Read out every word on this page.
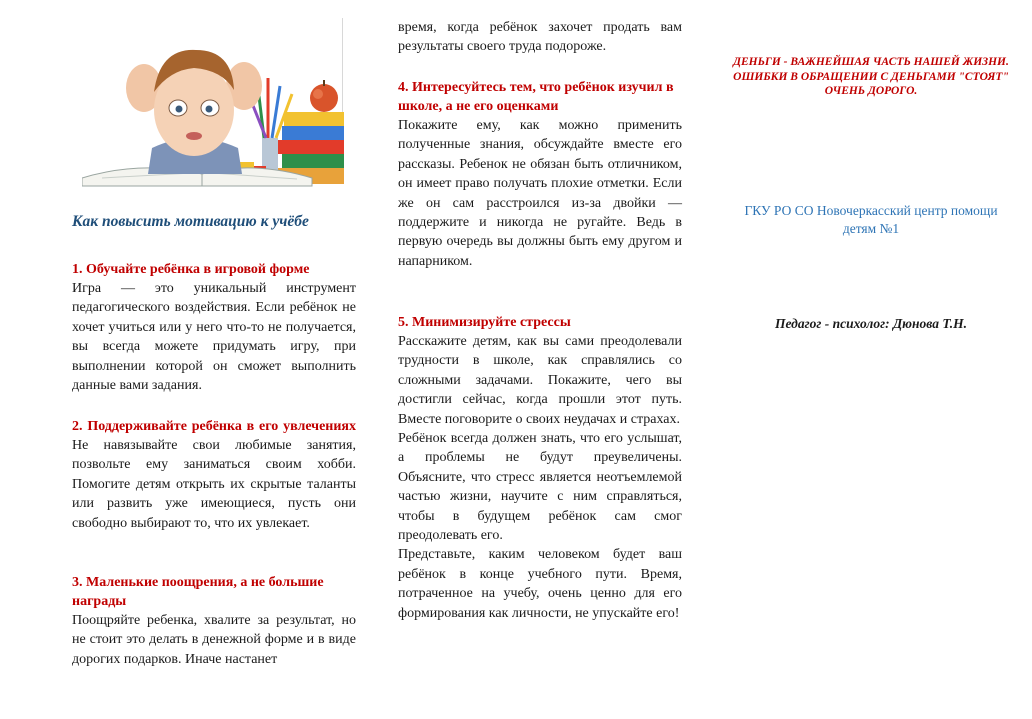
Как повысить мотивацию к учёбе
1. Обучайте ребёнка в игровой форме

Игра — это уникальный инструмент педагогического воздействия. Если ребёнок не хочет учиться или у него что-то не получается, вы всегда можете придумать игру, при выполнении которой он сможет выполнить данные вами задания.

2. Поддерживайте ребёнка в его увлечениях

Не навязывайте свои любимые занятия, позвольте ему заниматься своим хобби. Помогите детям открыть их скрытые таланты или развить уже имеющиеся, пусть они свободно выбирают то, что их увлекает.

3. Маленькие поощрения, а не большие награды

Поощряйте ребенка, хвалите за результат, но не стоит это делать в денежной форме и в виде дорогих подарков. Иначе настанет

время, когда ребёнок захочет продать вам результаты своего труда подороже.

4. Интересуйтесь тем, что ребёнок изучил в школе, а не его оценками

Покажите ему, как можно применить полученные знания, обсуждайте вместе его рассказы. Ребенок не обязан быть отличником, он имеет право получать плохие отметки. Если же он сам расстроился из-за двойки — поддержите и никогда не ругайте. Ведь в первую очередь вы должны быть ему другом и напарником.

5. Минимизируйте стрессы

Расскажите детям, как вы сами преодолевали трудности в школе, как справлялись со сложными задачами. Покажите, чего вы достигли сейчас, когда прошли этот путь. Вместе поговорите о своих неудачах и страхах.

Ребёнок всегда должен знать, что его услышат, а проблемы не будут преувеличены. Объясните, что стресс является неотъемлемой частью жизни, научите с ним справляться, чтобы в будущем ребёнок сам смог преодолевать его.

Представьте, каким человеком будет ваш ребёнок в конце учебного пути. Время, потраченное на учебу, очень ценно для его формирования как личности, не упускайте его!

ДЕНЬГИ - ВАЖНЕЙШАЯ ЧАСТЬ НАШЕЙ ЖИЗНИ.
ОШИБКИ В ОБРАЩЕНИИ С ДЕНЬГАМИ "СТОЯТ" ОЧЕНЬ ДОРОГО.
ГКУ РО СО Новочеркасский центр помощи детям №1
Педагог - психолог: Дюнова Т.Н.
